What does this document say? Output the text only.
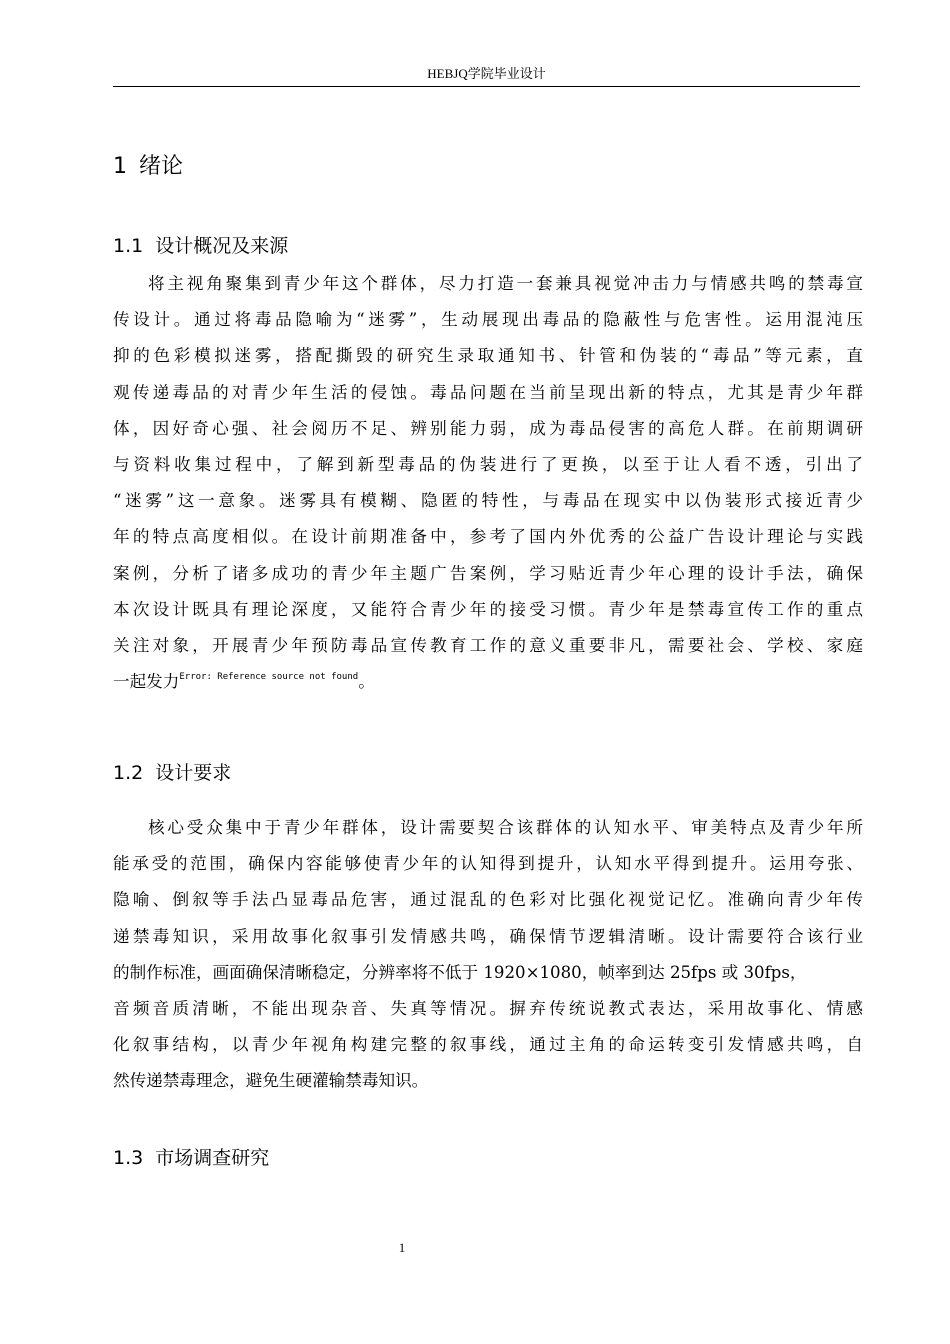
HEBJQ学院毕业设计
1 绪论
1.1 设计概况及来源
将主视角聚集到青少年这个群体，尽力打造一套兼具视觉冲击力与情感共鸣的禁毒宣
传设计。通过将毒品隐喻为“迷雾”，生动展现出毒品的隐蔽性与危害性。运用混沌压
抑的色彩模拟迷雾，搭配撕毁的研究生录取通知书、针管和伪装的“毒品”等元素，直
观传递毒品的对青少年生活的侵蚀。毒品问题在当前呈现出新的特点，尤其是青少年群
体，因好奇心强、社会阅历不足、辨别能力弱，成为毒品侵害的高危人群。在前期调研
与资料收集过程中，了解到新型毒品的伪装进行了更换，以至于让人看不透，引出了
“迷雾”这一意象。迷雾具有模糊、隐匿的特性，与毒品在现实中以伪装形式接近青少
年的特点高度相似。在设计前期准备中，参考了国内外优秀的公益广告设计理论与实践
案例，分析了诸多成功的青少年主题广告案例，学习贴近青少年心理的设计手法，确保
本次设计既具有理论深度，又能符合青少年的接受习惯。青少年是禁毒宣传工作的重点
关注对象，开展青少年预防毒品宣传教育工作的意义重要非凡，需要社会、学校、家庭
一起发力$^{Error: Reference source not found}$。
1.2 设计要求
核心受众集中于青少年群体，设计需要契合该群体的认知水平、审美特点及青少年所
能承受的范围，确保内容能够使青少年的认知得到提升，认知水平得到提升。运用夸张、
隐喻、倒叙等手法凸显毒品危害，通过混乱的色彩对比强化视觉记忆。准确向青少年传
递禁毒知识，采用故事化叙事引发情感共鸣，确保情节逻辑清晰。设计需要符合该行业
的制作标准，画面确保清晰稳定，分辨率将不低于 1920×1080，帧率到达 25fps 或 30fps，
音频音质清晰，不能出现杂音、失真等情况。摒弃传统说教式表达，采用故事化、情感
化叙事结构，以青少年视角构建完整的叙事线，通过主角的命运转变引发情感共鸣，自
然传递禁毒理念，避免生硬灌输禁毒知识。
1.3 市场调查研究
1
